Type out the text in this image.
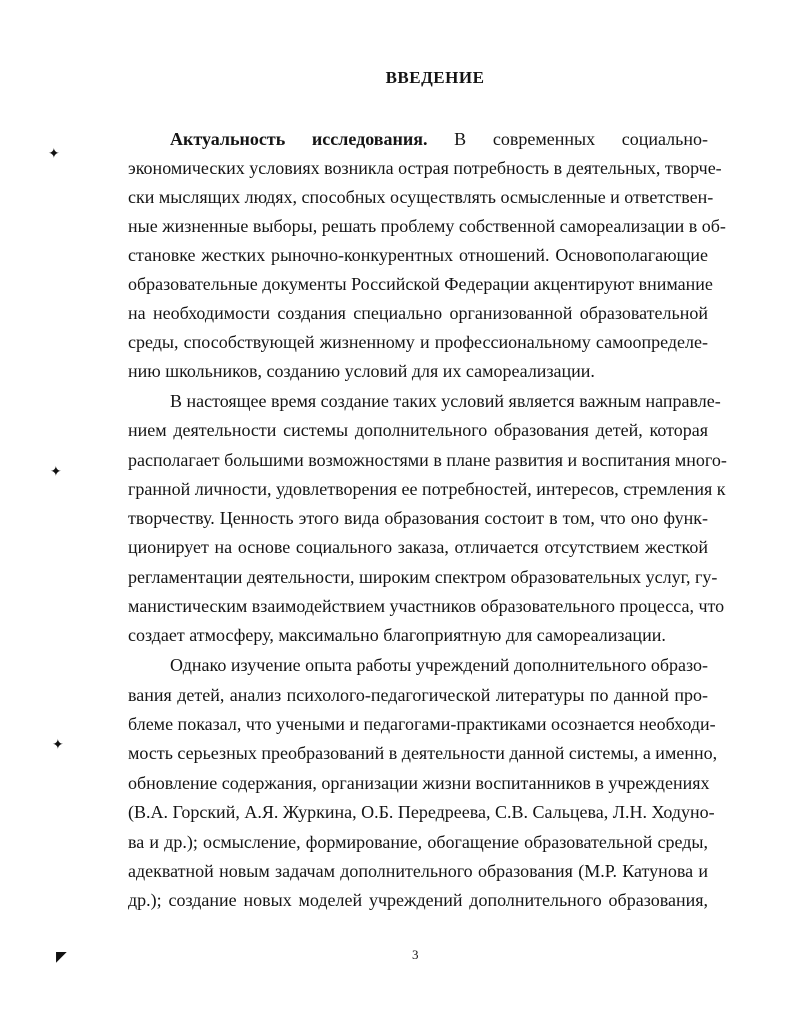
ВВЕДЕНИЕ
✦
✦
✦
◤
Актуальность исследования. В современных социально-
экономических условиях возникла острая потребность в деятельных, творче-
ски мыслящих людях, способных осуществлять осмысленные и ответствен-
ные жизненные выборы, решать проблему собственной самореализации в об-
становке жестких рыночно-конкурентных отношений. Основополагающие
образовательные документы Российской Федерации акцентируют внимание
на необходимости создания специально организованной образовательной
среды, способствующей жизненному и профессиональному самоопределе-
нию школьников, созданию условий для их самореализации.
В настоящее время создание таких условий является важным направле-
нием деятельности системы дополнительного образования детей, которая
располагает большими возможностями в плане развития и воспитания много-
гранной личности, удовлетворения ее потребностей, интересов, стремления к
творчеству. Ценность этого вида образования состоит в том, что оно функ-
ционирует на основе социального заказа, отличается отсутствием жесткой
регламентации деятельности, широким спектром образовательных услуг, гу-
манистическим взаимодействием участников образовательного процесса, что
создает атмосферу, максимально благоприятную для самореализации.
Однако изучение опыта работы учреждений дополнительного образо-
вания детей, анализ психолого-педагогической литературы по данной про-
блеме показал, что учеными и педагогами-практиками осознается необходи-
мость серьезных преобразований в деятельности данной системы, а именно,
обновление содержания, организации жизни воспитанников в учреждениях
(В.А. Горский, А.Я. Журкина, О.Б. Передреева, С.В. Сальцева, Л.Н. Ходуно-
ва и др.); осмысление, формирование, обогащение образовательной среды,
адекватной новым задачам дополнительного образования (М.Р. Катунова и
др.); создание новых моделей учреждений дополнительного образования,
3
